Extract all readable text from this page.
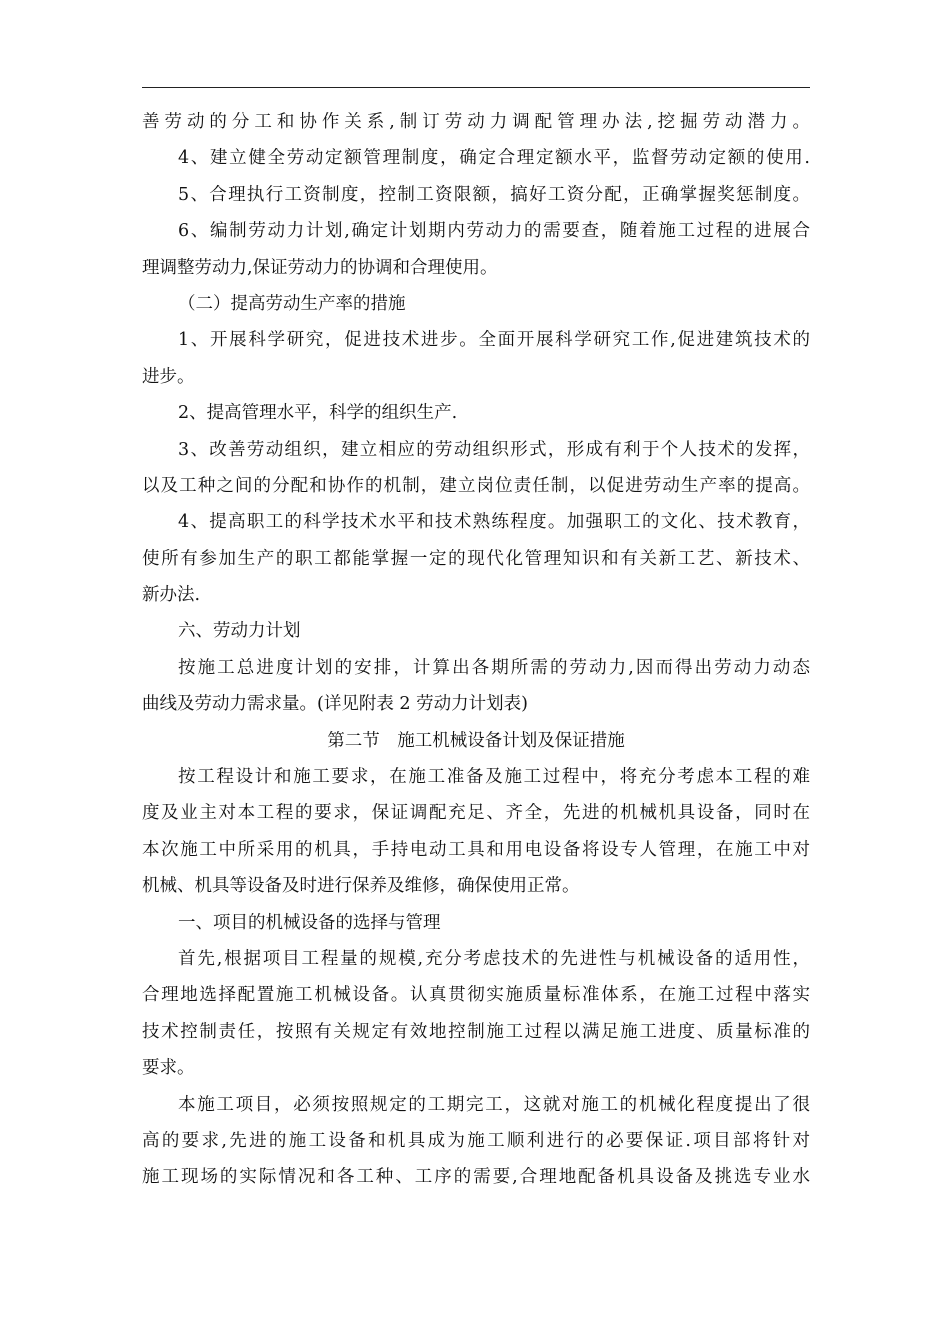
善劳动的分工和协作关系,制订劳动力调配管理办法,挖掘劳动潜力。
4、建立健全劳动定额管理制度，确定合理定额水平，监督劳动定额的使用.
5、合理执行工资制度，控制工资限额，搞好工资分配，正确掌握奖惩制度。
6、编制劳动力计划,确定计划期内劳动力的需要查，随着施工过程的进展合
理调整劳动力,保证劳动力的协调和合理使用。
（二）提高劳动生产率的措施
1、开展科学研究，促进技术进步。全面开展科学研究工作,促进建筑技术的
进步。
2、提高管理水平，科学的组织生产.
3、改善劳动组织，建立相应的劳动组织形式，形成有利于个人技术的发挥，
以及工种之间的分配和协作的机制，建立岗位责任制，以促进劳动生产率的提高。
4、提高职工的科学技术水平和技术熟练程度。加强职工的文化、技术教育，
使所有参加生产的职工都能掌握一定的现代化管理知识和有关新工艺、新技术、
新办法.
六、劳动力计划
按施工总进度计划的安排，计算出各期所需的劳动力,因而得出劳动力动态
曲线及劳动力需求量。(详见附表 2 劳动力计划表)
第二节　施工机械设备计划及保证措施
按工程设计和施工要求，在施工准备及施工过程中，将充分考虑本工程的难
度及业主对本工程的要求，保证调配充足、齐全，先进的机械机具设备，同时在
本次施工中所采用的机具，手持电动工具和用电设备将设专人管理，在施工中对
机械、机具等设备及时进行保养及维修，确保使用正常。
一、项目的机械设备的选择与管理
首先,根据项目工程量的规模,充分考虑技术的先进性与机械设备的适用性，
合理地选择配置施工机械设备。认真贯彻实施质量标准体系，在施工过程中落实
技术控制责任，按照有关规定有效地控制施工过程以满足施工进度、质量标准的
要求。
本施工项目，必须按照规定的工期完工，这就对施工的机械化程度提出了很
高的要求,先进的施工设备和机具成为施工顺利进行的必要保证.项目部将针对
施工现场的实际情况和各工种、工序的需要,合理地配备机具设备及挑选专业水
